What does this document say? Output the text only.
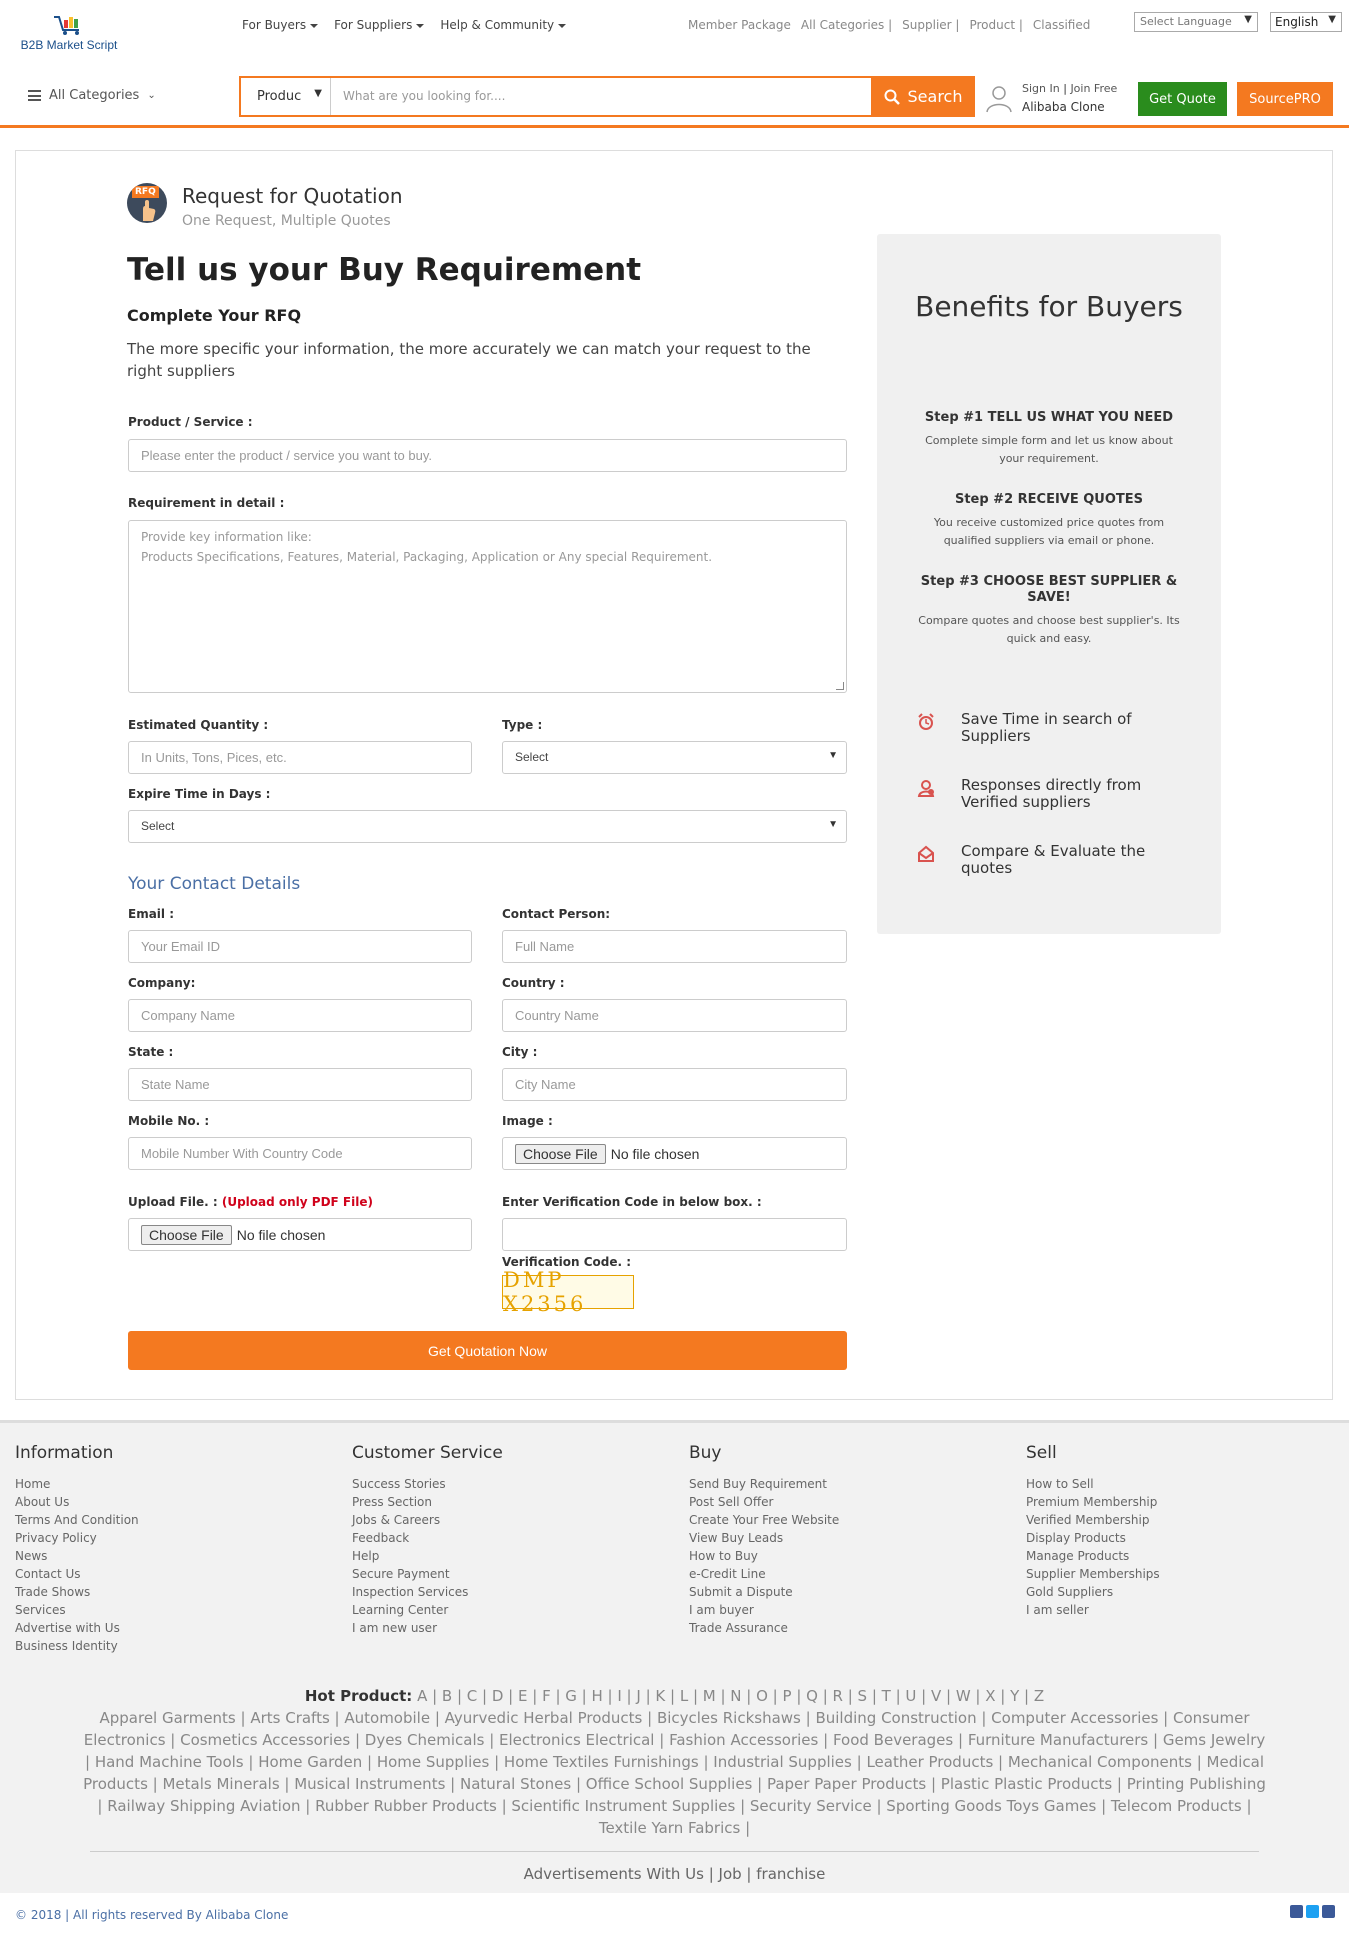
B2B Market Script
For Buyers	For Suppliers	Help & Community	Member Package All Categories | Supplier | Product | Classified	Select Language ▼	English ▼
All Categories ⌄	Produc ▼	What are you looking for....	Search	Sign In | Join Free
Alibaba Clone
Get Quote	SourcePRO
RFQ Request for Quotation
One Request, Multiple Quotes
Tell us your Buy Requirement
Complete Your RFQ
The more specific your information, the more accurately we can match your request to the right suppliers
Product / Service :
Please enter the product / service you want to buy.
Requirement in detail :
Provide key information like:
Products Specifications, Features, Material, Packaging, Application or Any special Requirement.
Estimated Quantity :
In Units, Tons, Pices, etc.
Type :
Select	▼
Expire Time in Days :
Select	▼
Your Contact Details
Email :
Your Email ID
Contact Person:
Full Name
Company:
Company Name
Country :
Country Name
State :
State Name
City :
City Name
Mobile No. :
Mobile Number With Country Code
Image :
Choose File No file chosen
Upload File. : (Upload only PDF File)
Choose File No file chosen
Enter Verification Code in below box. :
Verification Code. :
DMP X2356
Get Quotation Now
Benefits for Buyers
Step #1 TELL US WHAT YOU NEED
Complete simple form and let us know about your requirement.
Step #2 RECEIVE QUOTES
You receive customized price quotes from qualified suppliers via email or phone.
Step #3 CHOOSE BEST SUPPLIER & SAVE!
Compare quotes and choose best supplier's. Its quick and easy.
Save Time in search of Suppliers
Responses directly from Verified suppliers
Compare & Evaluate the quotes
Information
Home
About Us
Terms And Condition
Privacy Policy
News
Contact Us
Trade Shows
Services
Advertise with Us
Business Identity
Customer Service
Success Stories
Press Section
Jobs & Careers
Feedback
Help
Secure Payment
Inspection Services
Learning Center
I am new user
Buy
Send Buy Requirement
Post Sell Offer
Create Your Free Website
View Buy Leads
How to Buy
e-Credit Line
Submit a Dispute
I am buyer
Trade Assurance
Sell
How to Sell
Premium Membership
Verified Membership
Display Products
Manage Products
Supplier Memberships
Gold Suppliers
I am seller
Hot Product: A | B | C | D | E | F | G | H | I | J | K | L | M | N | O | P | Q | R | S | T | U | V | W | X | Y | Z
Apparel Garments | Arts Crafts | Automobile | Ayurvedic Herbal Products | Bicycles Rickshaws | Building Construction | Computer Accessories | Consumer Electronics | Cosmetics Accessories | Dyes Chemicals | Electronics Electrical | Fashion Accessories | Food Beverages | Furniture Manufacturers | Gems Jewelry | Hand Machine Tools | Home Garden | Home Supplies | Home Textiles Furnishings | Industrial Supplies | Leather Products | Mechanical Components | Medical Products | Metals Minerals | Musical Instruments | Natural Stones | Office School Supplies | Paper Paper Products | Plastic Plastic Products | Printing Publishing | Railway Shipping Aviation | Rubber Rubber Products | Scientific Instrument Supplies | Security Service | Sporting Goods Toys Games | Telecom Products | Textile Yarn Fabrics |
Advertisements With Us | Job | franchise
© 2018 | All rights reserved By Alibaba Clone
